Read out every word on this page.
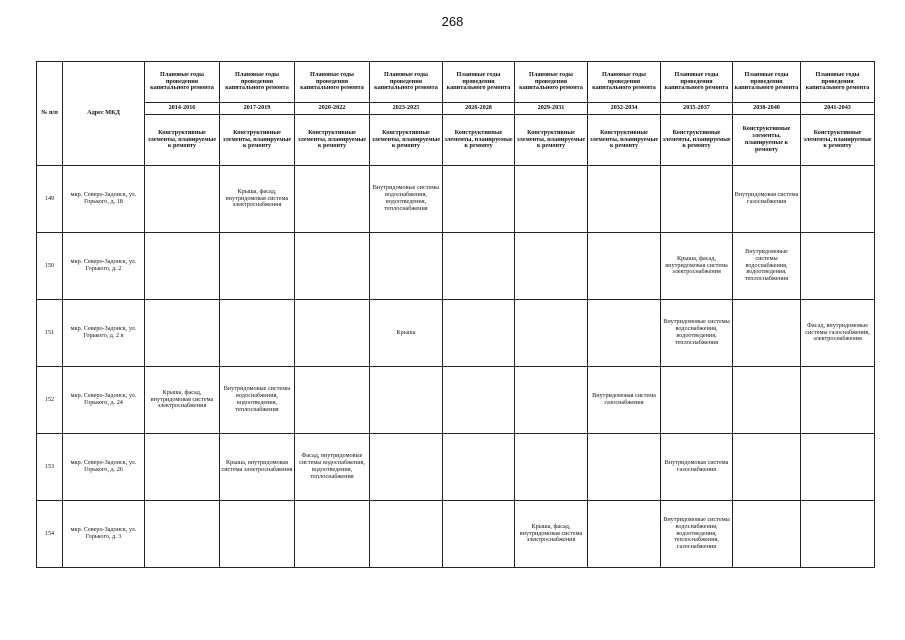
268
№ п/п	Адрес МКД	Плановые годы проведения капитального ремонта	Плановые годы проведения капитального ремонта	Плановые годы проведения капитального ремонта	Плановые годы проведения капитального ремонта	Плановые годы проведения капитального ремонта	Плановые годы проведения капитального ремонта	Плановые годы проведения капитального ремонта	Плановые годы проведения капитального ремонта	Плановые годы проведения капитального ремонта	Плановые годы проведения капитального ремонта
		2014-2016	2017-2019	2020-2022	2023-2025	2026-2028	2029-2031	2032-2034	2035-2037	2038-2040	2041-2043
		Конструктивные элементы, планируемые к ремонту	Конструктивные элементы, планируемые к ремонту	Конструктивные элементы, планируемые к ремонту	Конструктивные элементы, планируемые к ремонту	Конструктивные элементы, планируемые к ремонту	Конструктивные элементы, планируемые к ремонту	Конструктивные элементы, планируемые к ремонту	Конструктивные элементы, планируемые к ремонту	Конструктивные элементы, планируемые к ремонту	Конструктивные элементы, планируемые к ремонту
149	мкр. Северо-Задонск, ул. Горького, д. 18		Крыша, фасад, внутридомовая система электроснабжения		Внутридомовые системы водоснабжения, водоотведения, теплоснабжения					Внутридомовая система газоснабжения	
150	мкр. Северо-Задонск, ул. Горького, д. 2								Крыша, фасад, внутридомовая система электроснабжения	Внутридомовые системы водоснабжения, водоотведения, теплоснабжения	
151	мкр. Северо-Задонск, ул. Горького, д. 2 в				Крыша				Внутридомовые системы водоснабжения, водоотведения, теплоснабжения		Фасад, внутридомовые системы газоснабжения, электроснабжения
152	мкр. Северо-Задонск, ул. Горького, д. 24	Крыша, фасад, внутридомовая система электроснабжения	Внутридомовые системы водоснабжения, водоотведения, теплоснабжения					Внутридомовая система газоснабжения			
153	мкр. Северо-Задонск, ул. Горького, д. 26		Крыша, внутридомовая система электроснабжения	Фасад, внутридомовые системы водоснабжения, водоотведения, теплоснабжения					Внутридомовая система газоснабжения		
154	мкр. Северо-Задонск, ул. Горького, д. 3						Крыша, фасад, внутридомовая система электроснабжения		Внутридомовые системы водоснабжения, водоотведения, теплоснабжения, газоснабжения		
